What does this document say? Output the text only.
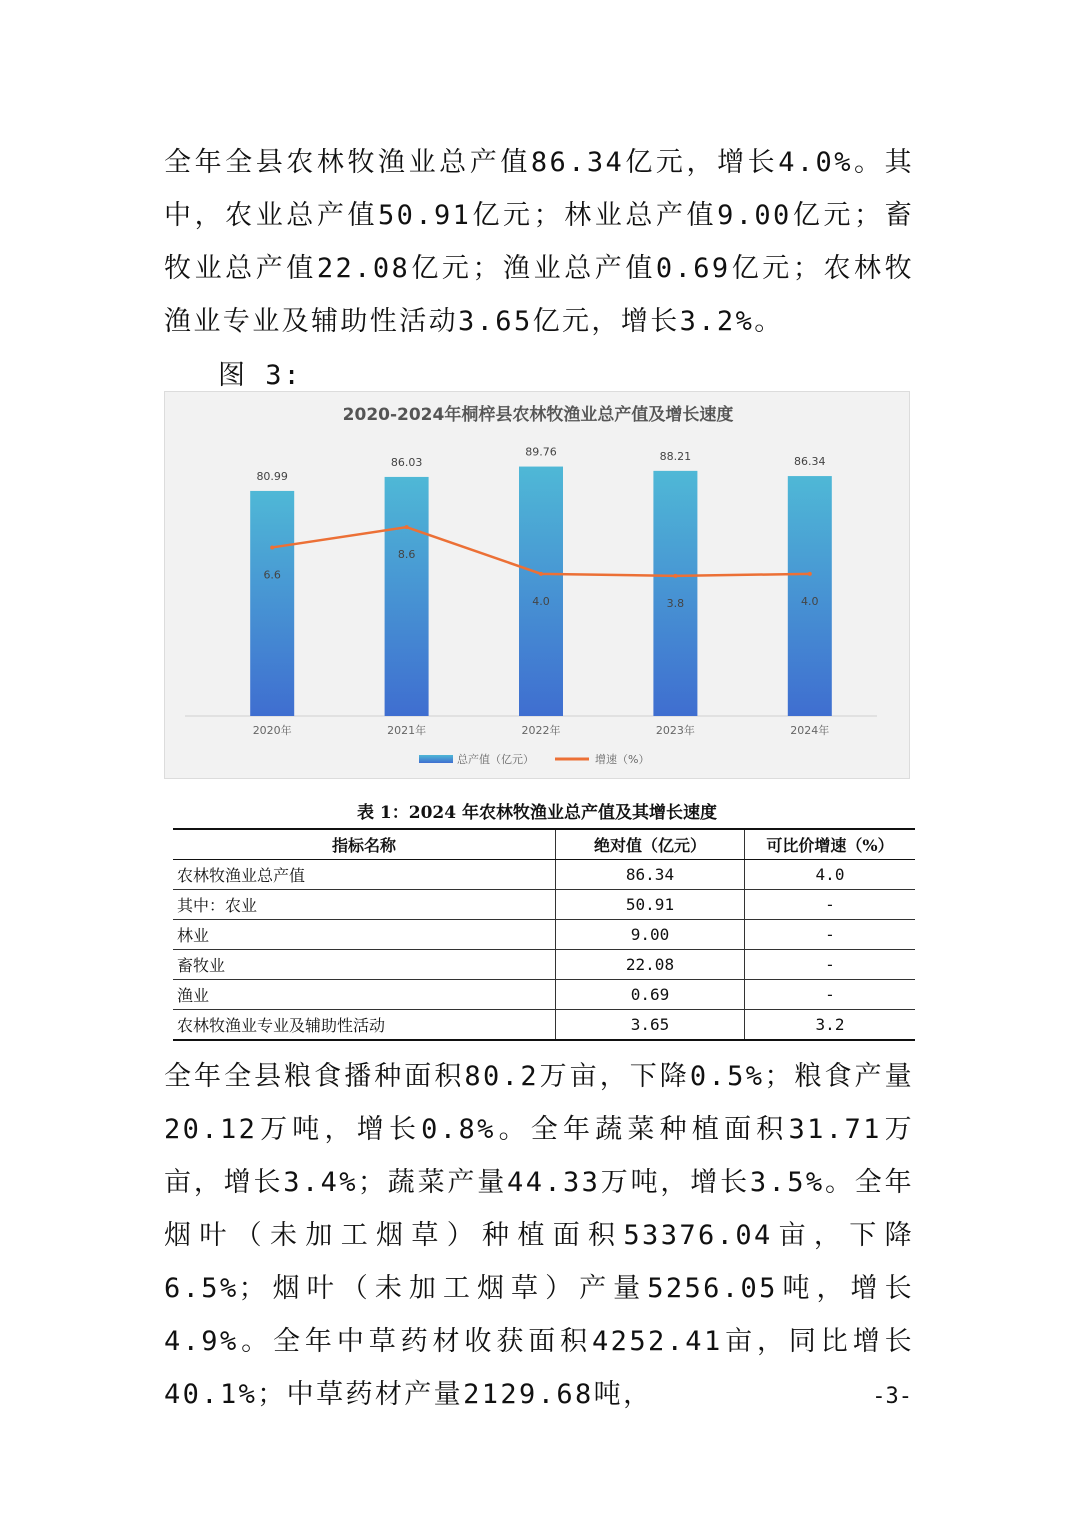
全年全县农林牧渔业总产值86.34亿元，增长4.0%。其中，农业总产值50.91亿元；林业总产值9.00亿元；畜牧业总产值22.08亿元；渔业总产值0.69亿元；农林牧渔业专业及辅助性活动3.65亿元，增长3.2%。

图 3:
2020-2024年桐梓县农林牧渔业总产值及增长速度
80.99
2020年
86.03
2021年
89.76
2022年
88.21
2023年
86.34
2024年
6.6
8.6
4.0	3.8	4.0
总产值（亿元）	增速（%）
表 1：2024 年农林牧渔业总产值及其增长速度
指标名称	绝对值（亿元）	可比价增速（%）
农林牧渔业总产值	86.34	4.0
其中：农业	50.91	-
林业	9.00	-
畜牧业	22.08	-
渔业	0.69	-
农林牧渔业专业及辅助性活动	3.65	3.2

全年全县粮食播种面积80.2万亩，下降0.5%；粮食产量20.12万吨，增长0.8%。全年蔬菜种植面积31.71万亩，增长3.4%；蔬菜产量44.33万吨，增长3.5%。全年烟叶（未加工烟草）种植面积53376.04亩，下降6.5%；烟叶（未加工烟草）产量5256.05吨，增长4.9%。全年中草药材收获面积4252.41亩，同比增长40.1%；中草药材产量2129.68吨，	-3-
